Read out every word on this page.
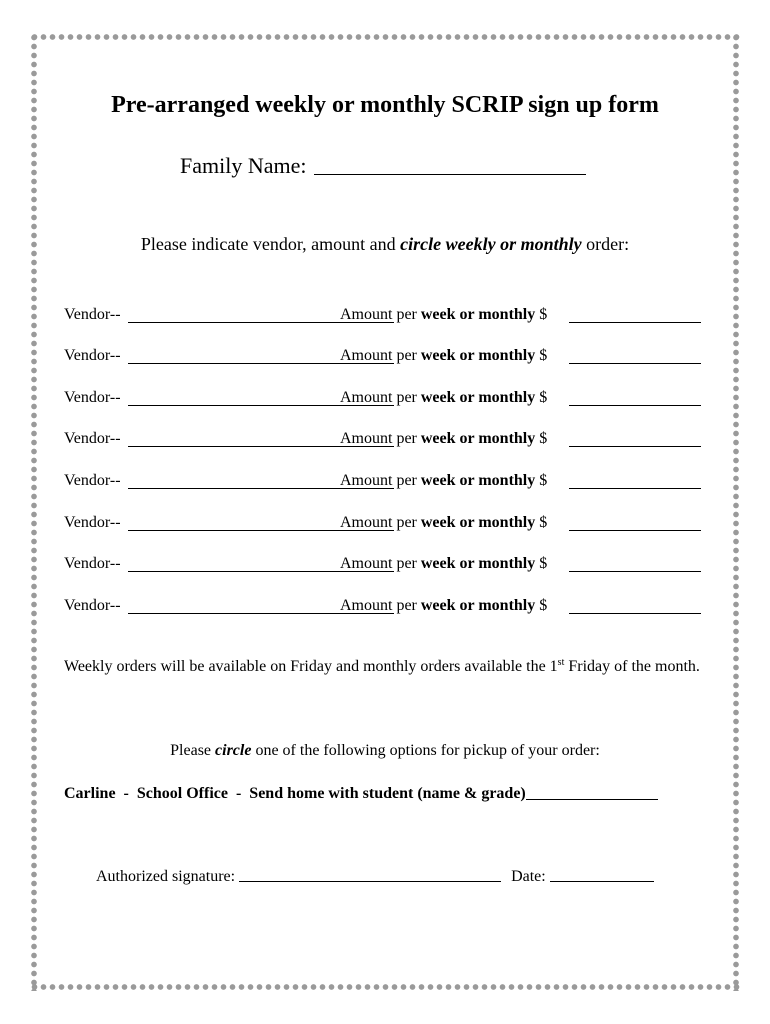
Pre-arranged weekly or monthly SCRIP sign up form
Family Name:
Please indicate vendor, amount and circle weekly or monthly order:
Vendor--	Amount per week or monthly $
Vendor--	Amount per week or monthly $
Vendor--	Amount per week or monthly $
Vendor--	Amount per week or monthly $
Vendor--	Amount per week or monthly $
Vendor--	Amount per week or monthly $
Vendor--	Amount per week or monthly $
Vendor--	Amount per week or monthly $
Weekly orders will be available on Friday and monthly orders available the 1st Friday of the month.
Please circle one of the following options for pickup of your order:
Carline  -  School Office  -  Send home with student (name & grade)
Authorized signature:	Date:
